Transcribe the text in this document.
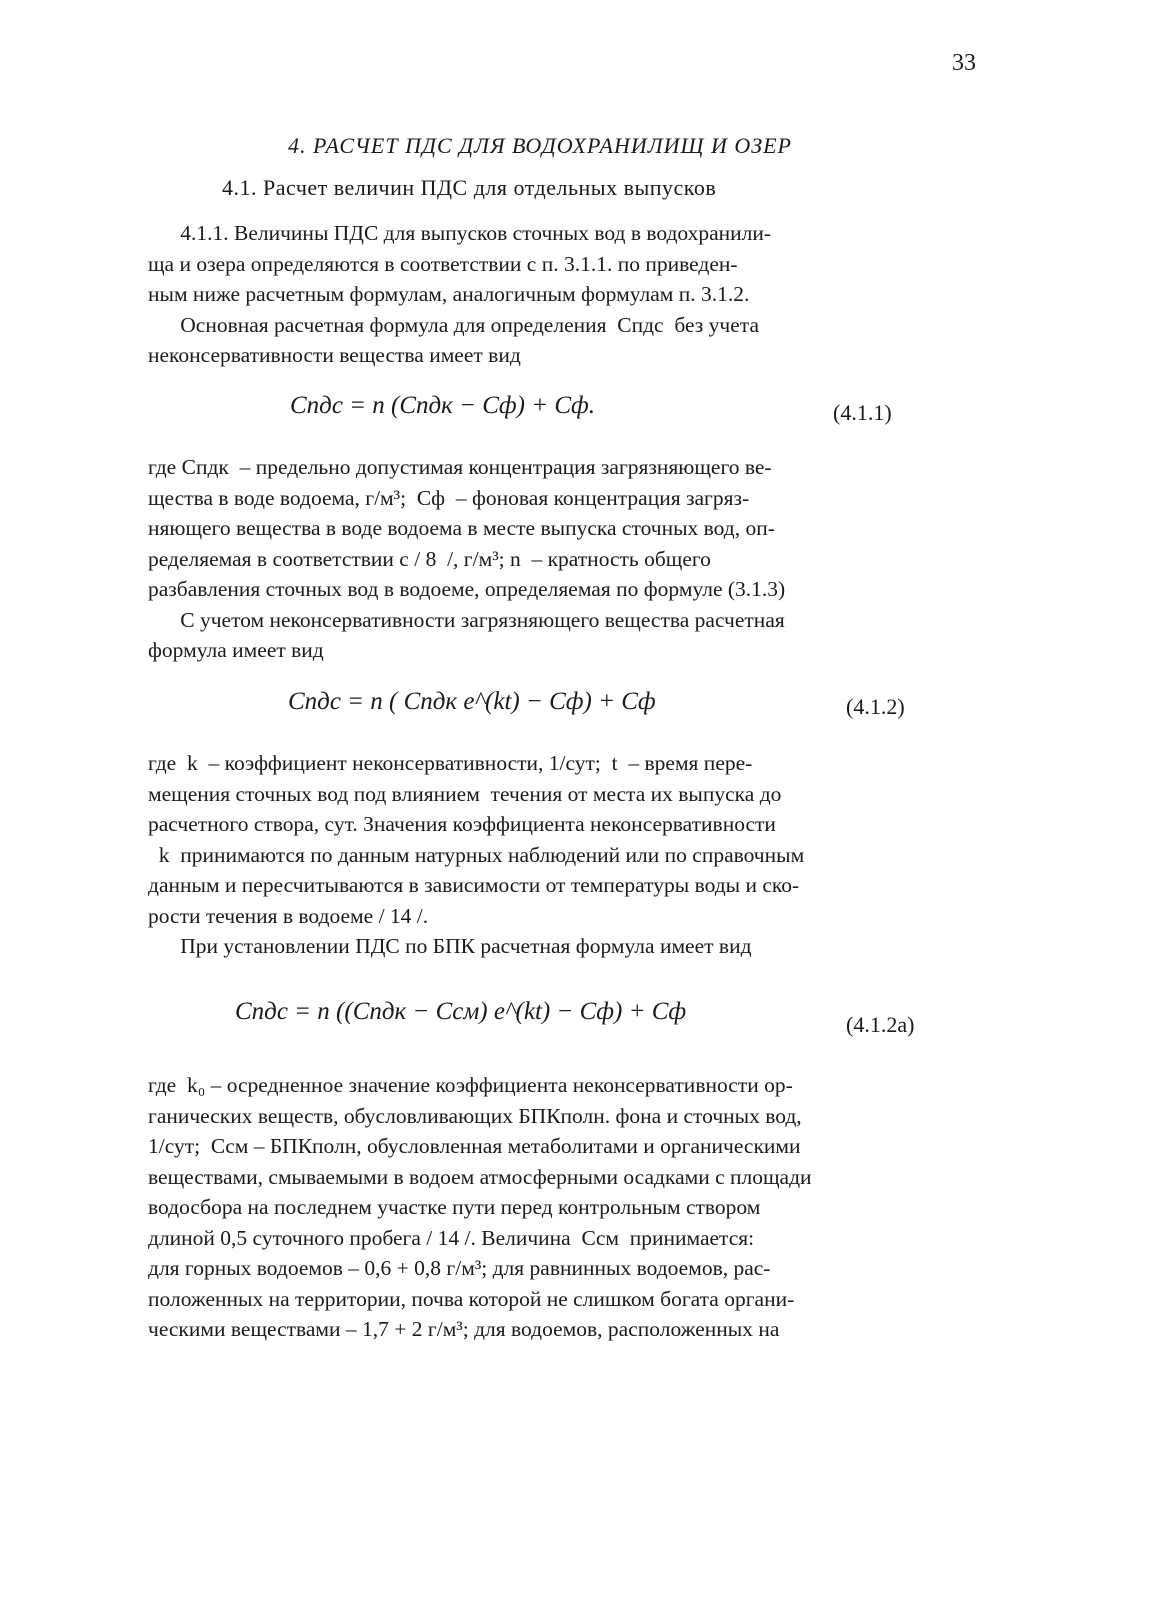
33
4. РАСЧЕТ ПДС ДЛЯ ВОДОХРАНИЛИЩ И ОЗЕР
4.1. Расчет величин ПДС для отдельных выпусков

4.1.1. Величины ПДС для выпусков сточных вод в водохранили-
ща и озера определяются в соответствии с п. 3.1.1. по приведен-
ным ниже расчетным формулам, аналогичным формулам п. 3.1.2.
Основная расчетная формула для определения  Cпдс  без учета
неконсервативности вещества имеет вид

Cпдс = n (Cпдк − Cф) + Cф.	(4.1.1)

где Cпдк  – предельно допустимая концентрация загрязняющего ве-
щества в воде водоема, г/м³;  Cф  – фоновая концентрация загряз-
няющего вещества в воде водоема в месте выпуска сточных вод, оп-
ределяемая в соответствии с / 8  /, г/м³; n  – кратность общего
разбавления сточных вод в водоеме, определяемая по формуле (3.1.3)
С учетом неконсервативности загрязняющего вещества расчетная
формула имеет вид

Cпдс = n ( Cпдк e^(kt) − Cф) + Cф	(4.1.2)

где  k  – коэффициент неконсервативности, 1/сут;  t  – время пере-
мещения сточных вод под влиянием  течения от места их выпуска до
расчетного створа, сут. Значения коэффициента неконсервативности
k  принимаются по данным натурных наблюдений или по справочным
данным и пересчитываются в зависимости от температуры воды и ско-
рости течения в водоеме / 14 /.
При установлении ПДС по БПК расчетная формула имеет вид

Cпдс = n ((Cпдк − Cсм) e^(kt) − Cф) + Cф	(4.1.2а)

где  k₀ – осредненное значение коэффициента неконсервативности ор-
ганических веществ, обусловливающих БПКполн. фона и сточных вод,
1/сут;  Cсм – БПКполн, обусловленная метаболитами и органическими
веществами, смываемыми в водоем атмосферными осадками с площади
водосбора на последнем участке пути перед контрольным створом
длиной 0,5 суточного пробега / 14 /. Величина  Cсм  принимается:
для горных водоемов – 0,6 + 0,8 г/м³; для равнинных водоемов, рас-
положенных на территории, почва которой не слишком богата органи-
ческими веществами – 1,7 + 2 г/м³; для водоемов, расположенных на
